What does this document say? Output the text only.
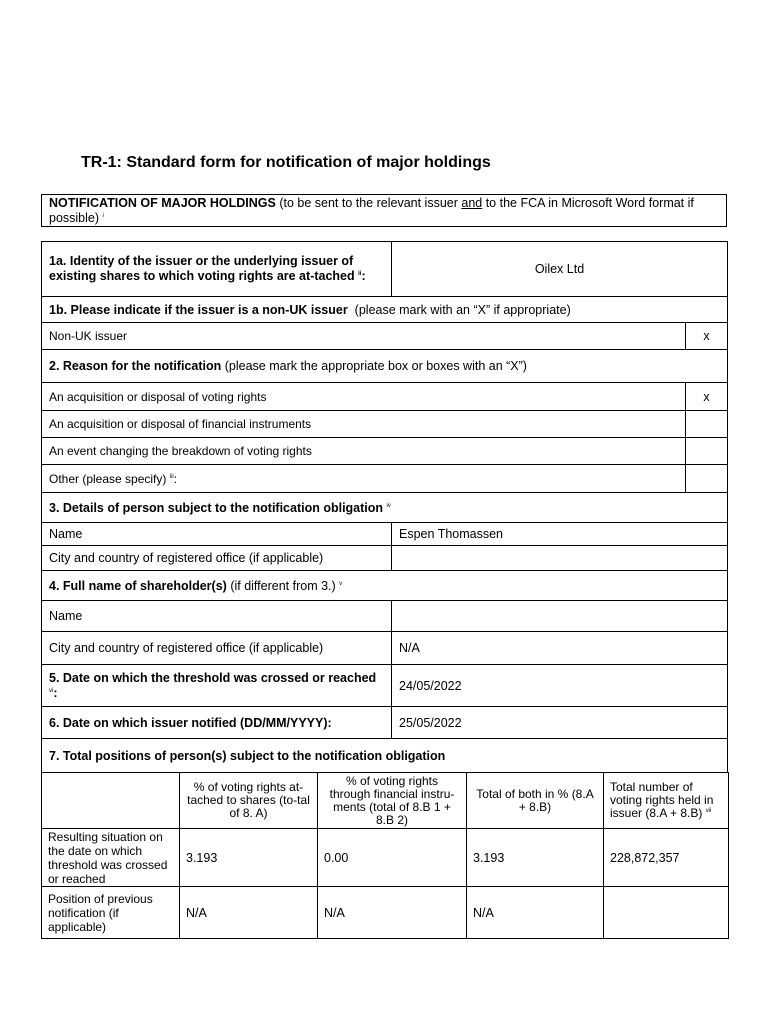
TR-1: Standard form for notification of major holdings
NOTIFICATION OF MAJOR HOLDINGS (to be sent to the relevant issuer and to the FCA in Microsoft Word format if possible) $^i$
1a. Identity of the issuer or the underlying issuer of existing shares to which voting rights are at-tached $^{ii}$:	Oilex Ltd
1b. Please indicate if the issuer is a non-UK issuer (please mark with an “X” if appropriate)
Non-UK issuer	x
2. Reason for the notification (please mark the appropriate box or boxes with an “X”)
An acquisition or disposal of voting rights	x
An acquisition or disposal of financial instruments
An event changing the breakdown of voting rights
Other (please specify) $^{iii}$:
3. Details of person subject to the notification obligation $^{iv}$
Name	Espen Thomassen
City and country of registered office (if applicable)
4. Full name of shareholder(s) (if different from 3.) $^v$
Name
City and country of registered office (if applicable)	N/A
5. Date on which the threshold was crossed or reached $^{vi}$:	24/05/2022
6. Date on which issuer notified (DD/MM/YYYY):	25/05/2022
7. Total positions of person(s) subject to the notification obligation
	% of voting rights at-tached to shares (to-tal of 8. A)	% of voting rights through financial instru-ments (total of 8.B 1 + 8.B 2)	Total of both in % (8.A + 8.B)	Total number of voting rights held in issuer (8.A + 8.B) $^{vii}$
Resulting situation on the date on which threshold was crossed or reached	3.193	0.00	3.193	228,872,357
Position of previous notification (if applicable)	N/A	N/A	N/A	
